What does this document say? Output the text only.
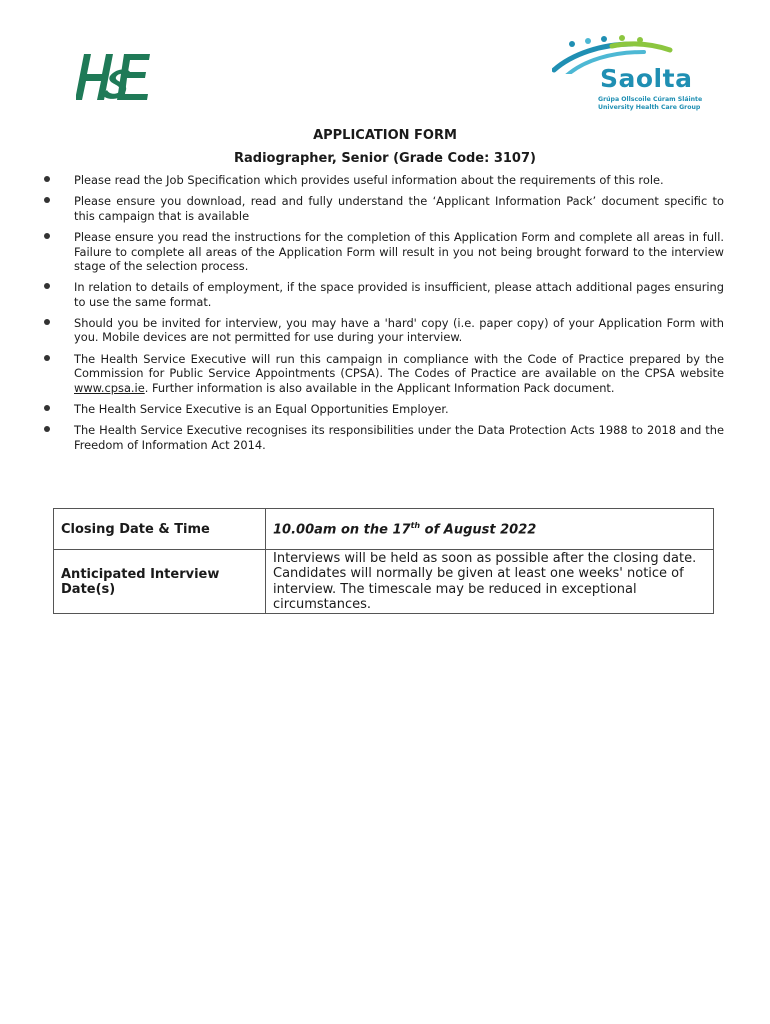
Saolta
Grúpa Ollscoile Cúram Sláinte
University Health Care Group
APPLICATION FORM
Radiographer, Senior (Grade Code: 3107)
Please read the Job Specification which provides useful information about the requirements of this role.
Please ensure you download, read and fully understand the ‘Applicant Information Pack’ document specific to this campaign that is available
Please ensure you read the instructions for the completion of this Application Form and complete all areas in full. Failure to complete all areas of the Application Form will result in you not being brought forward to the interview stage of the selection process.
In relation to details of employment, if the space provided is insufficient, please attach additional pages ensuring to use the same format.
Should you be invited for interview, you may have a 'hard' copy (i.e. paper copy) of your Application Form with you. Mobile devices are not permitted for use during your interview.
The Health Service Executive will run this campaign in compliance with the Code of Practice prepared by the Commission for Public Service Appointments (CPSA). The Codes of Practice are available on the CPSA website www.cpsa.ie. Further information is also available in the Applicant Information Pack document.
The Health Service Executive is an Equal Opportunities Employer.
The Health Service Executive recognises its responsibilities under the Data Protection Acts 1988 to 2018 and the Freedom of Information Act 2014.
Closing Date & Time	10.00am on the 17th of August 2022
Anticipated Interview Date(s)	Interviews will be held as soon as possible after the closing date. Candidates will normally be given at least one weeks' notice of interview. The timescale may be reduced in exceptional circumstances.
